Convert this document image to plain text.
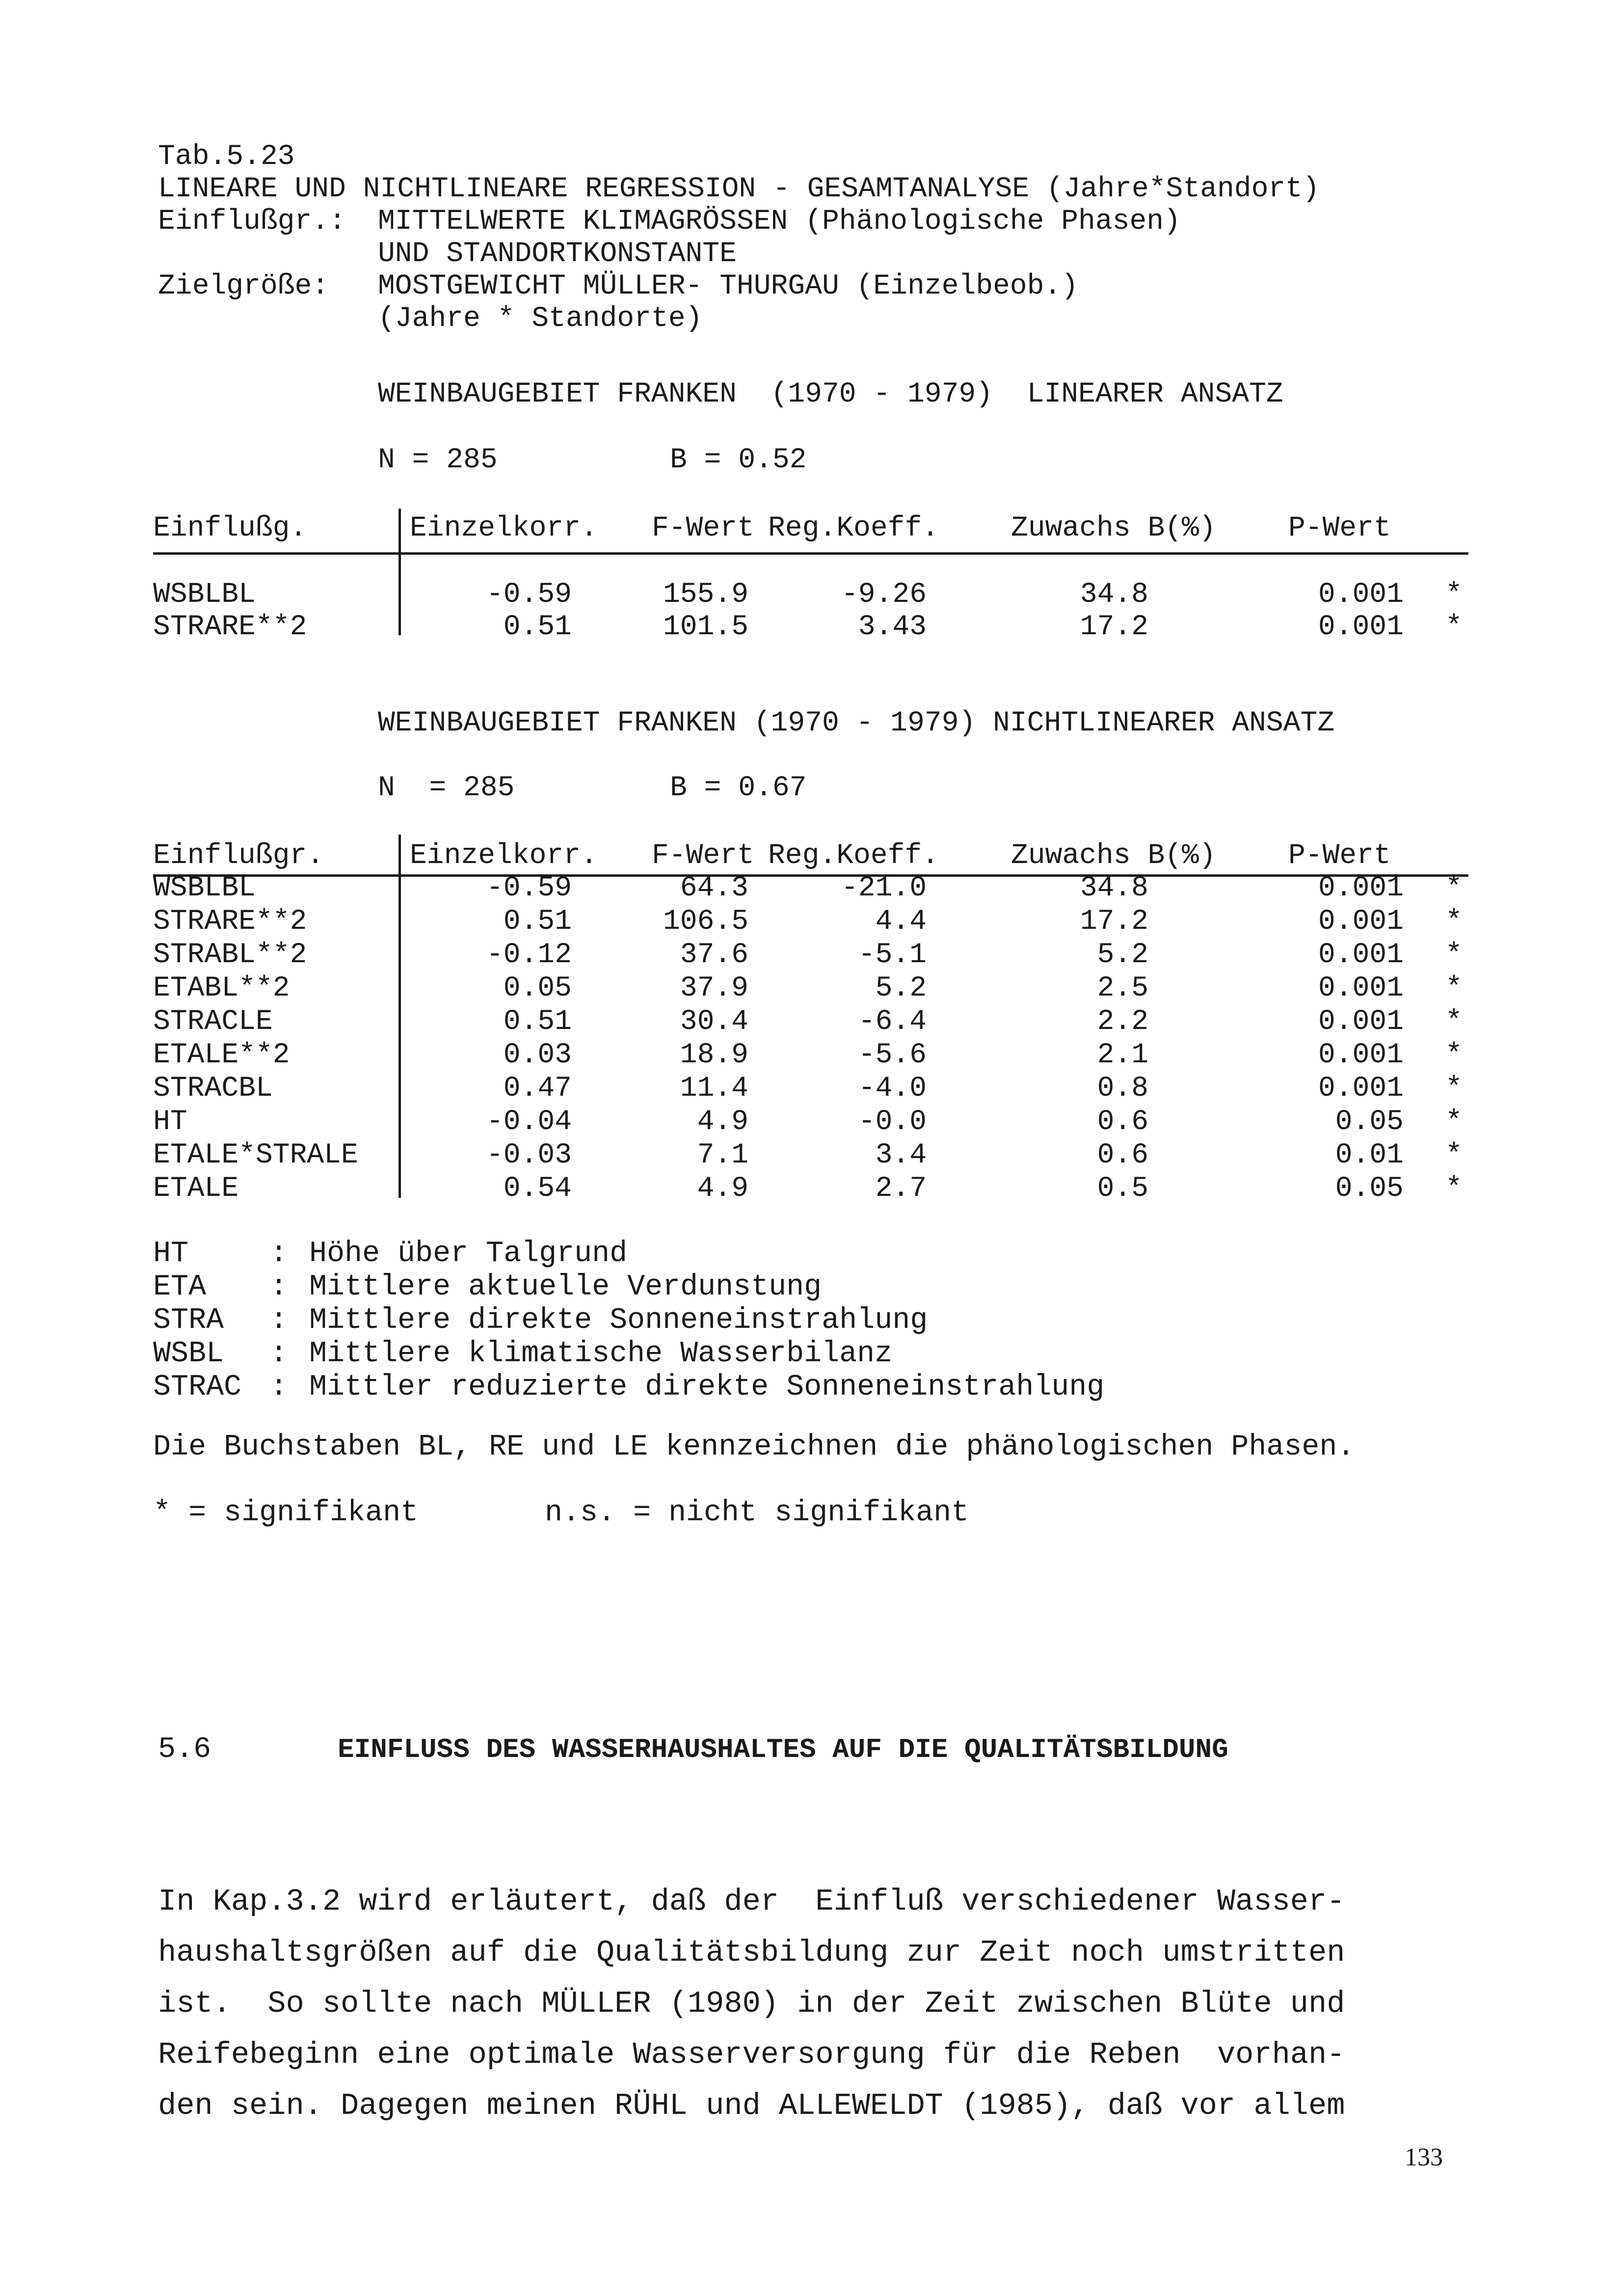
Tab.5.23
LINEARE UND NICHTLINEARE REGRESSION - GESAMTANALYSE (Jahre*Standort)
Einflußgr.: MITTELWERTE KLIMAGRÖSSEN (Phänologische Phasen)
UND STANDORTKONSTANTE
Zielgröße: MOSTGEWICHT MÜLLER- THURGAU (Einzelbeob.)
(Jahre * Standorte)
WEINBAUGEBIET FRANKEN  (1970 - 1979)  LINEARER ANSATZ
N = 285	B = 0.52
Einflußg.	Einzelkorr. F-Wert Reg.Koeff.	Zuwachs B(%)	P-Wert
WSBLBL	-0.59	155.9	-9.26	34.8	0.001 *
STRARE**2	0.51	101.5	3.43	17.2	0.001 *
WEINBAUGEBIET FRANKEN (1970 - 1979) NICHTLINEARER ANSATZ
N  = 285	B = 0.67
Einflußgr.	Einzelkorr. F-Wert Reg.Koeff.	Zuwachs B(%)	P-Wert
WSBLBL	-0.59	64.3	-21.0	34.8	0.001 *
STRARE**2	0.51	106.5	4.4	17.2	0.001 *
STRABL**2	-0.12	37.6	-5.1	5.2	0.001 *
ETABL**2	0.05	37.9	5.2	2.5	0.001 *
STRACLE	0.51	30.4	-6.4	2.2	0.001 *
ETALE**2	0.03	18.9	-5.6	2.1	0.001 *
STRACBL	0.47	11.4	-4.0	0.8	0.001 *
HT	-0.04	4.9	-0.0	0.6	0.05 *
ETALE*STRALE	-0.03	7.1	3.4	0.6	0.01 *
ETALE	0.54	4.9	2.7	0.5	0.05 *
HT	: Höhe über Talgrund
ETA : Mittlere aktuelle Verdunstung
STRA : Mittlere direkte Sonneneinstrahlung
WSBL : Mittlere klimatische Wasserbilanz
STRAC : Mittler reduzierte direkte Sonneneinstrahlung
Die Buchstaben BL, RE und LE kennzeichnen die phänologischen Phasen.
* = signifikant	n.s. = nicht signifikant
5.6	EINFLUSS DES WASSERHAUSHALTES AUF DIE QUALITÄTSBILDUNG
In Kap.3.2 wird erläutert, daß der  Einfluß verschiedener Wasser-
haushaltsgrößen auf die Qualitätsbildung zur Zeit noch umstritten
ist.  So sollte nach MÜLLER (1980) in der Zeit zwischen Blüte und
Reifebeginn eine optimale Wasserversorgung für die Reben  vorhan-
den sein. Dagegen meinen RÜHL und ALLEWELDT (1985), daß vor allem
133
